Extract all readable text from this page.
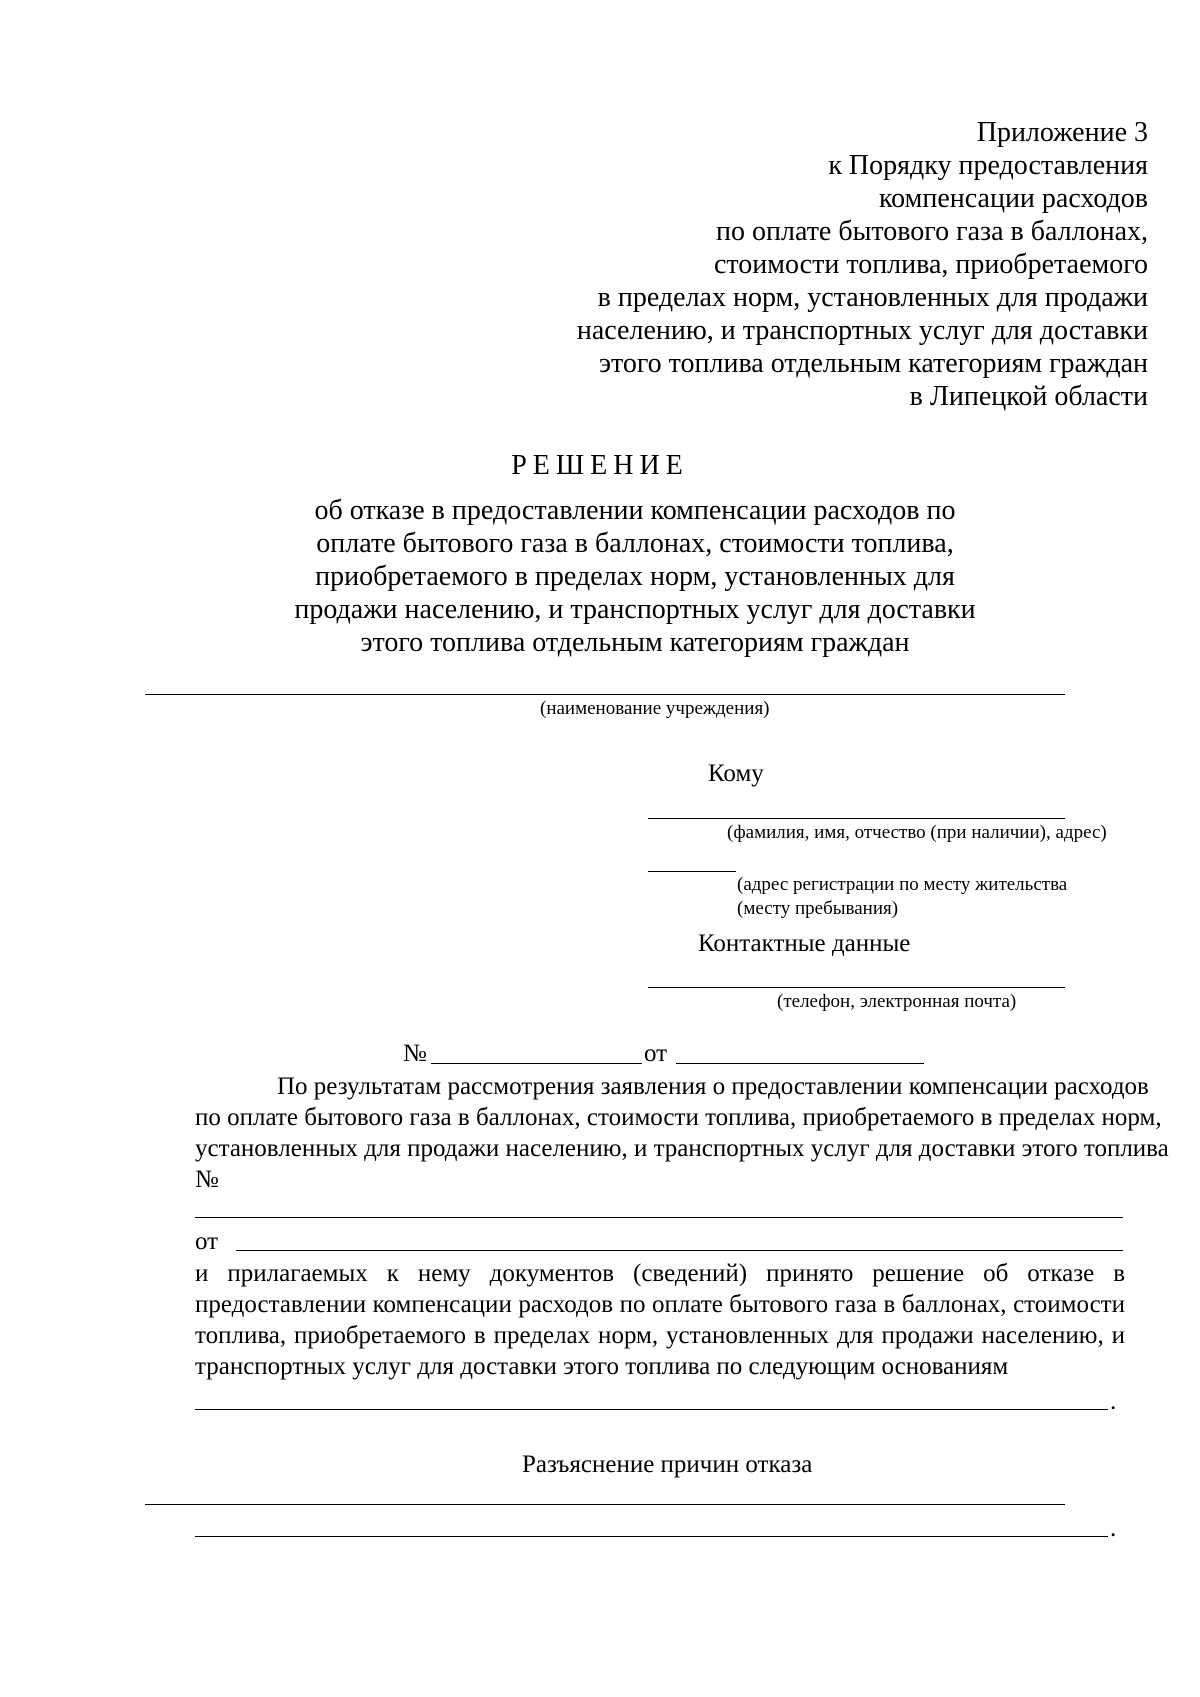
Приложение 3
к Порядку предоставления
компенсации расходов
по оплате бытового газа в баллонах,
стоимости топлива, приобретаемого
в пределах норм, установленных для продажи
населению, и транспортных услуг для доставки
этого топлива отдельным категориям граждан
в Липецкой области
РЕШЕНИЕ
об отказе в предоставлении компенсации расходов по
оплате бытового газа в баллонах, стоимости топлива,
приобретаемого в пределах норм, установленных для
продажи населению, и транспортных услуг для доставки
этого топлива отдельным категориям граждан
(наименование учреждения)
Кому
(фамилия, имя, отчество (при наличии), адрес)
(адрес регистрации по месту жительства
(месту пребывания)
Контактные данные
(телефон, электронная почта)
№	от
По результатам рассмотрения заявления о предоставлении компенсации расходов
по оплате бытового газа в баллонах, стоимости топлива, приобретаемого в пределах норм,
установленных для продажи населению, и транспортных услуг для доставки этого топлива
№
от
и прилагаемых к нему документов (сведений) принято решение об отказе в
предоставлении компенсации расходов по оплате бытового газа в баллонах, стоимости
топлива, приобретаемого в пределах норм, установленных для продажи населению, и
транспортных услуг для доставки этого топлива по следующим основаниям
.
Разъяснение причин отказа
.
